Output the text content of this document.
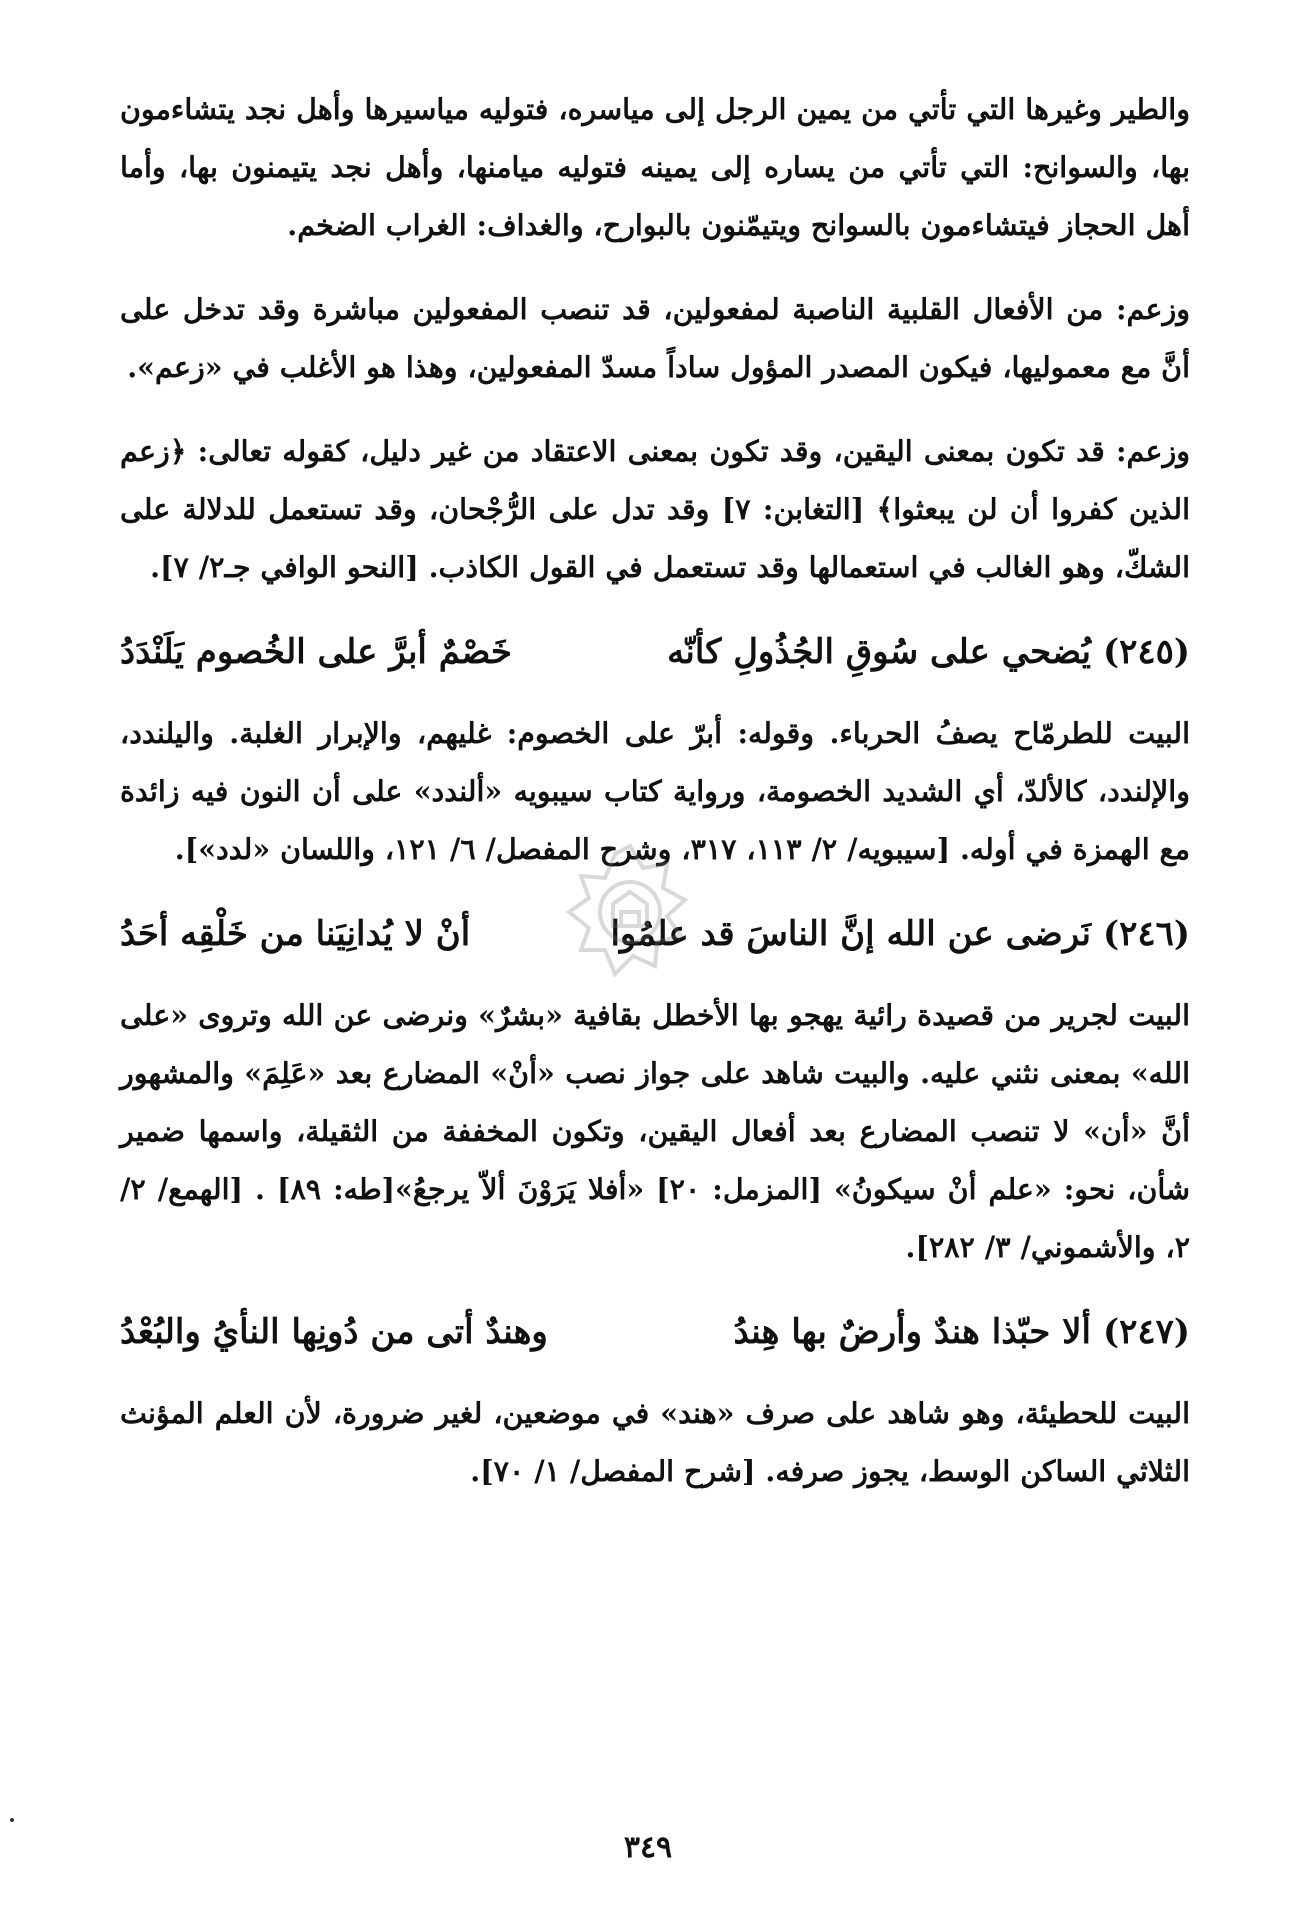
والطير وغيرها التي تأتي من يمين الرجل إلى مياسره، فتوليه مياسيرها وأهل نجد يتشاءمون بها، والسوانح: التي تأتي من يساره إلى يمينه فتوليه ميامنها، وأهل نجد يتيمنون بها، وأما أهل الحجاز فيتشاءمون بالسوانح ويتيمّنون بالبوارح، والغداف: الغراب الضخم.

وزعم: من الأفعال القلبية الناصبة لمفعولين، قد تنصب المفعولين مباشرة وقد تدخل على أنَّ مع معموليها، فيكون المصدر المؤول ساداً مسدّ المفعولين، وهذا هو الأغلب في «زعم».

وزعم: قد تكون بمعنى اليقين، وقد تكون بمعنى الاعتقاد من غير دليل، كقوله تعالى: ﴿زعم الذين كفروا أن لن يبعثوا﴾ [التغابن: ٧] وقد تدل على الرُّجْحان، وقد تستعمل للدلالة على الشكّ، وهو الغالب في استعمالها وقد تستعمل في القول الكاذب. [النحو الوافي جـ٢/ ٧].

(٢٤٥)
يُضحي على سُوقِ الجُذُولِ كأنّه
خَصْمٌ أبرَّ على الخُصوم يَلَنْدَدُ

البيت للطرمّاح يصفُ الحرباء. وقوله: أبرّ على الخصوم: غليهم، والإبرار الغلبة. واليلندد، والإلندد، كالألدّ، أي الشديد الخصومة، ورواية كتاب سيبويه «ألندد» على أن النون فيه زائدة مع الهمزة في أوله. [سيبويه/ ٢/ ١١٣، ٣١٧، وشرح المفصل/ ٦/ ١٢١، واللسان «لدد»].

(٢٤٦)
نَرضى عن الله إنَّ الناسَ قد علمُوا
أنْ لا يُدانِيَنا من خَلْقِه أحَدُ

البيت لجرير من قصيدة رائية يهجو بها الأخطل بقافية «بشرٌ» ونرضى عن الله وتروى «على الله» بمعنى نثني عليه. والبيت شاهد على جواز نصب «أنْ» المضارع بعد «عَلِمَ» والمشهور أنَّ «أن» لا تنصب المضارع بعد أفعال اليقين، وتكون المخففة من الثقيلة، واسمها ضمير شأن، نحو: «علم أنْ سيكونُ» [المزمل: ٢٠] «أفلا يَرَوْنَ ألاّ يرجعُ»[طه: ٨٩] . [الهمع/ ٢/ ٢، والأشموني/ ٣/ ٢٨٢].

(٢٤٧)
ألا حبّذا هندٌ وأرضٌ بها هِندُ
وهندٌ أتى من دُونِها النأيُ والبُعْدُ

البيت للحطيئة، وهو شاهد على صرف «هند» في موضعين، لغير ضرورة، لأن العلم المؤنث الثلاثي الساكن الوسط، يجوز صرفه. [شرح المفصل/ ١/ ٧٠].

٣٤٩
